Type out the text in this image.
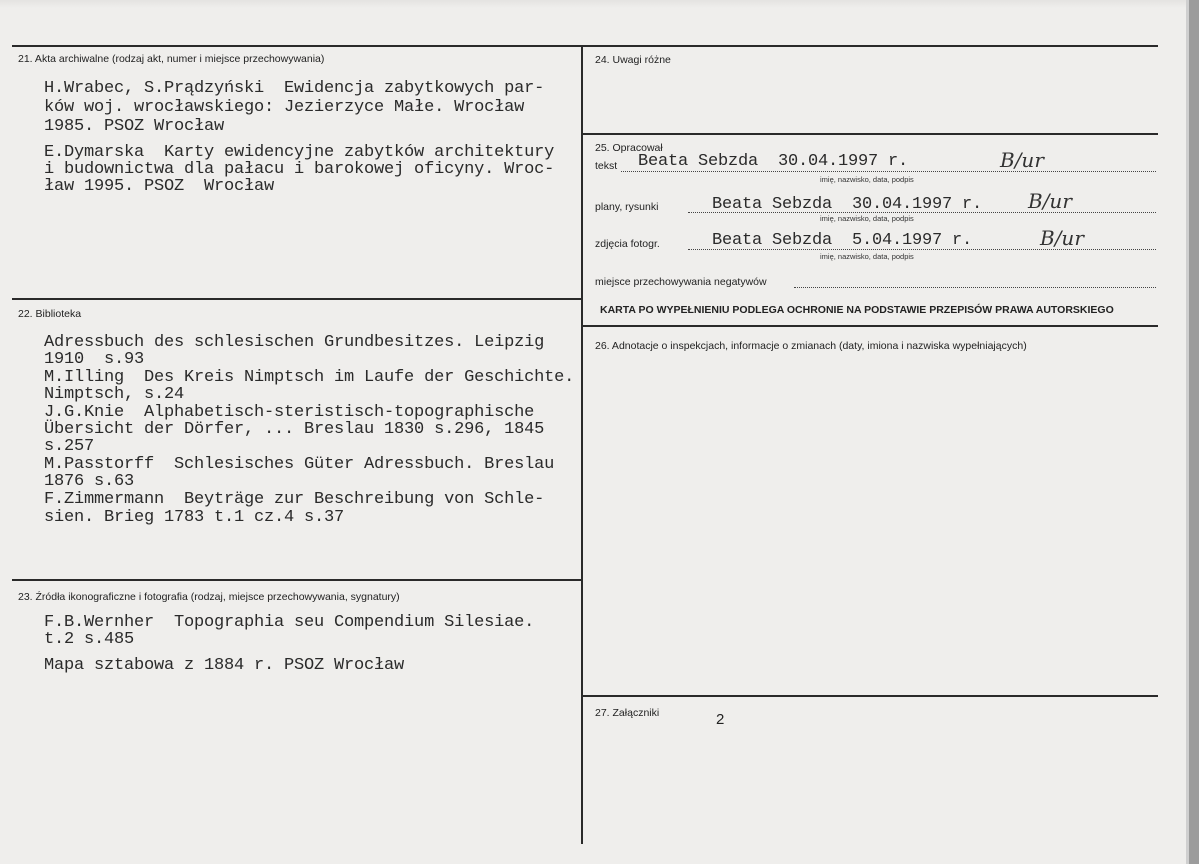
21. Akta archiwalne (rodzaj akt, numer i miejsce przechowywania)
H.Wrabec, S.Prądzyński  Ewidencja zabytkowych par-
ków woj. wrocławskiego: Jezierzyce Małe. Wrocław
1985. PSOZ Wrocław
E.Dymarska  Karty ewidencyjne zabytków architektury
i budownictwa dla pałacu i barokowej oficyny. Wroc-
ław 1995. PSOZ  Wrocław
22. Biblioteka
Adressbuch des schlesischen Grundbesitzes. Leipzig
1910  s.93
M.Illing  Des Kreis Nimptsch im Laufe der Geschichte.
Nimptsch, s.24
J.G.Knie  Alphabetisch-steristisch-topographische
Übersicht der Dörfer, ... Breslau 1830 s.296, 1845
s.257
M.Passtorff  Schlesisches Güter Adressbuch. Breslau
1876 s.63
F.Zimmermann  Beyträge zur Beschreibung von Schle-
sien. Brieg 1783 t.1 cz.4 s.37
23. Źródła ikonograficzne i fotografia (rodzaj, miejsce przechowywania, sygnatury)
F.B.Wernher  Topographia seu Compendium Silesiae.
t.2 s.485
Mapa sztabowa z 1884 r. PSOZ Wrocław
24. Uwagi różne
25. Opracował
tekst Beata Sebzda  30.04.1997 r.	B/ur
imię, nazwisko, data, podpis
plany, rysunki	Beata Sebzda  30.04.1997 r. B/ur
imię, nazwisko, data, podpis
zdjęcia fotogr.	Beata Sebzda  5.04.1997 r.	B/ur
imię, nazwisko, data, podpis
miejsce przechowywania negatywów
KARTA PO WYPEŁNIENIU PODLEGA OCHRONIE NA PODSTAWIE PRZEPISÓW PRAWA AUTORSKIEGO
26. Adnotacje o inspekcjach, informacje o zmianach (daty, imiona i nazwiska wypełniających)
27. Załączniki	2
